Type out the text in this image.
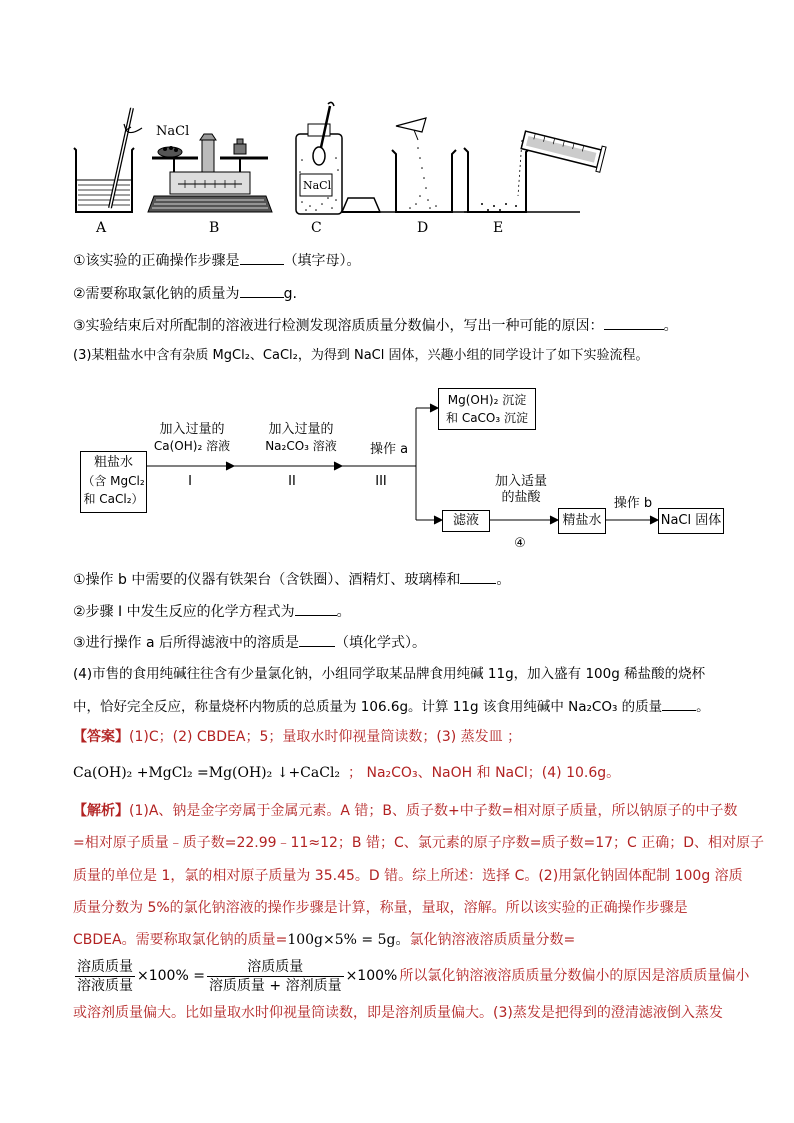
NaCl
NaCl
A	B	C	D	E
①该实验的正确操作步骤是	（填字母）。
②需要称取氯化钠的质量为	g.
③实验结束后对所配制的溶液进行检测发现溶质质量分数偏小，写出一种可能的原因：	。
(3)某粗盐水中含有杂质 MgCl₂、CaCl₂，为得到 NaCl 固体，兴趣小组的同学设计了如下实验流程。
粗盐水
（含 MgCl₂
和 CaCl₂）
加入过量的
Ca(OH)₂ 溶液
I
加入过量的
Na₂CO₃ 溶液
II
操作 a
III
Mg(OH)₂ 沉淀
和 CaCO₃ 沉淀
滤液
加入适量
的盐酸
④
精盐水
操作 b
NaCl 固体
①操作 b 中需要的仪器有铁架台（含铁圈）、酒精灯、玻璃棒和	。
②步骤 I 中发生反应的化学方程式为	。
③进行操作 a 后所得滤液中的溶质是	（填化学式）。
(4)市售的食用纯碱往往含有少量氯化钠，小组同学取某品牌食用纯碱 11g，加入盛有 100g 稀盐酸的烧杯
中，恰好完全反应，称量烧杯内物质的总质量为 106.6g。计算 11g 该食用纯碱中 Na₂CO₃ 的质量	。
【答案】(1)C；(2) CBDEA；5；量取水时仰视量筒读数；(3) 蒸发皿 ；
Ca(OH)₂ +MgCl₂ =Mg(OH)₂ ↓+CaCl₂ ； Na₂CO₃、NaOH 和 NaCl；(4) 10.6g。
【解析】(1)A、钠是金字旁属于金属元素。A 错；B、质子数+中子数=相对原子质量，所以钠原子的中子数
=相对原子质量﹣质子数=22.99﹣11≈12；B 错；C、氯元素的原子序数=质子数=17；C 正确；D、相对原子
质量的单位是 1，氯的相对原子质量为 35.45。D 错。综上所述：选择 C。(2)用氯化钠固体配制 100g 溶质
质量分数为 5%的氯化钠溶液的操作步骤是计算，称量，量取，溶解。所以该实验的正确操作步骤是
CBDEA。需要称取氯化钠的质量=100g×5% = 5g。氯化钠溶液溶质质量分数=
$\frac{\text{溶质质量}}{\text{溶液质量}} \times 100\% = \frac{\text{溶质质量}}{\text{溶质质量 + 溶剂质量}} \times 100\%$ 所以氯化钠溶液溶质质量分数偏小的原因是溶质质量偏小
或溶剂质量偏大。比如量取水时仰视量筒读数，即是溶剂质量偏大。(3)蒸发是把得到的澄清滤液倒入蒸发
